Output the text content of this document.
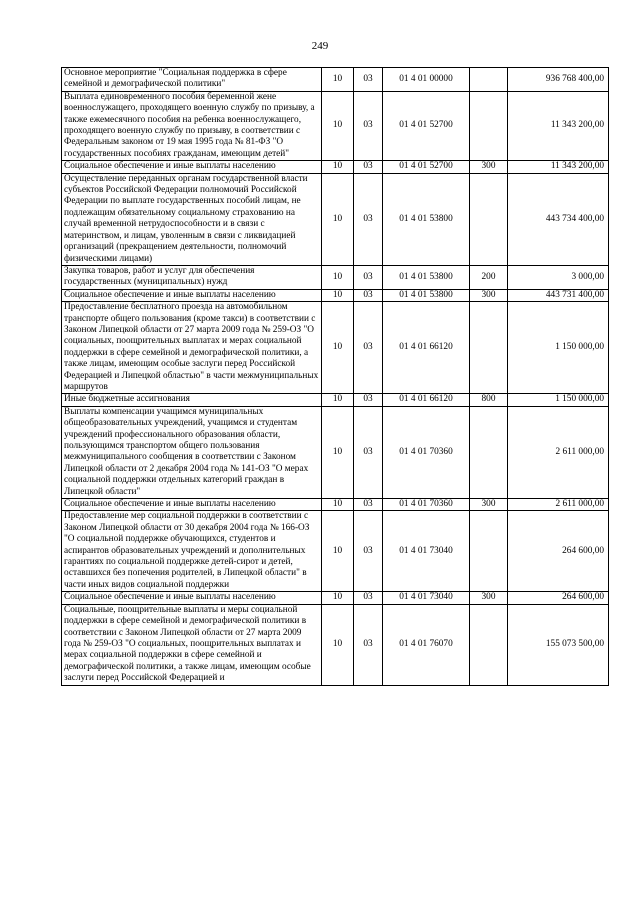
249
Основное мероприятие "Социальная поддержка в сфере семейной и демографической политики"	10	03	01 4 01 00000		936 768 400,00
Выплата единовременного пособия беременной жене военнослужащего, проходящего военную службу по призыву, а также ежемесячного пособия на ребенка военнослужащего, проходящего военную службу по призыву, в соответствии с Федеральным законом от 19 мая 1995 года № 81-ФЗ "О государственных пособиях гражданам, имеющим детей"	10	03	01 4 01 52700		11 343 200,00
Социальное обеспечение и иные выплаты населению	10	03	01 4 01 52700	300	11 343 200,00
Осуществление переданных органам государственной власти субъектов Российской Федерации полномочий Российской Федерации по выплате государственных пособий лицам, не подлежащим обязательному социальному страхованию на случай временной нетрудоспособности и в связи с материнством, и лицам, уволенным в связи с ликвидацией организаций (прекращением деятельности, полномочий физическими лицами)	10	03	01 4 01 53800		443 734 400,00
Закупка товаров, работ и услуг для обеспечения государственных (муниципальных) нужд	10	03	01 4 01 53800	200	3 000,00
Социальное обеспечение и иные выплаты населению	10	03	01 4 01 53800	300	443 731 400,00
Предоставление бесплатного проезда на автомобильном транспорте общего пользования (кроме такси) в соответствии с Законом Липецкой области от 27 марта 2009 года № 259-ОЗ "О социальных, поощрительных выплатах и мерах социальной поддержки в сфере семейной и демографической политики, а также лицам, имеющим особые заслуги перед Российской Федерацией и Липецкой областью" в части межмуниципальных маршрутов	10	03	01 4 01 66120		1 150 000,00
Иные бюджетные ассигнования	10	03	01 4 01 66120	800	1 150 000,00
Выплаты компенсации учащимся муниципальных общеобразовательных учреждений, учащимся и студентам учреждений профессионального образования области, пользующимся транспортом общего пользования межмуниципального сообщения в соответствии с Законом Липецкой области от 2 декабря 2004 года № 141-ОЗ "О мерах социальной поддержки отдельных категорий граждан в Липецкой области"	10	03	01 4 01 70360		2 611 000,00
Социальное обеспечение и иные выплаты населению	10	03	01 4 01 70360	300	2 611 000,00
Предоставление мер социальной поддержки в соответствии с Законом Липецкой области от 30 декабря 2004 года № 166-ОЗ "О социальной поддержке обучающихся, студентов и аспирантов образовательных учреждений и дополнительных гарантиях по социальной поддержке детей-сирот и детей, оставшихся без попечения родителей, в Липецкой области" в части иных видов социальной поддержки	10	03	01 4 01 73040		264 600,00
Социальное обеспечение и иные выплаты населению	10	03	01 4 01 73040	300	264 600,00
Социальные, поощрительные выплаты и меры социальной поддержки в сфере семейной и демографической политики в соответствии с Законом Липецкой области от 27 марта 2009 года № 259-ОЗ "О социальных, поощрительных выплатах и мерах социальной поддержки в сфере семейной и демографической политики, а также лицам, имеющим особые заслуги перед Российской Федерацией и	10	03	01 4 01 76070		155 073 500,00
